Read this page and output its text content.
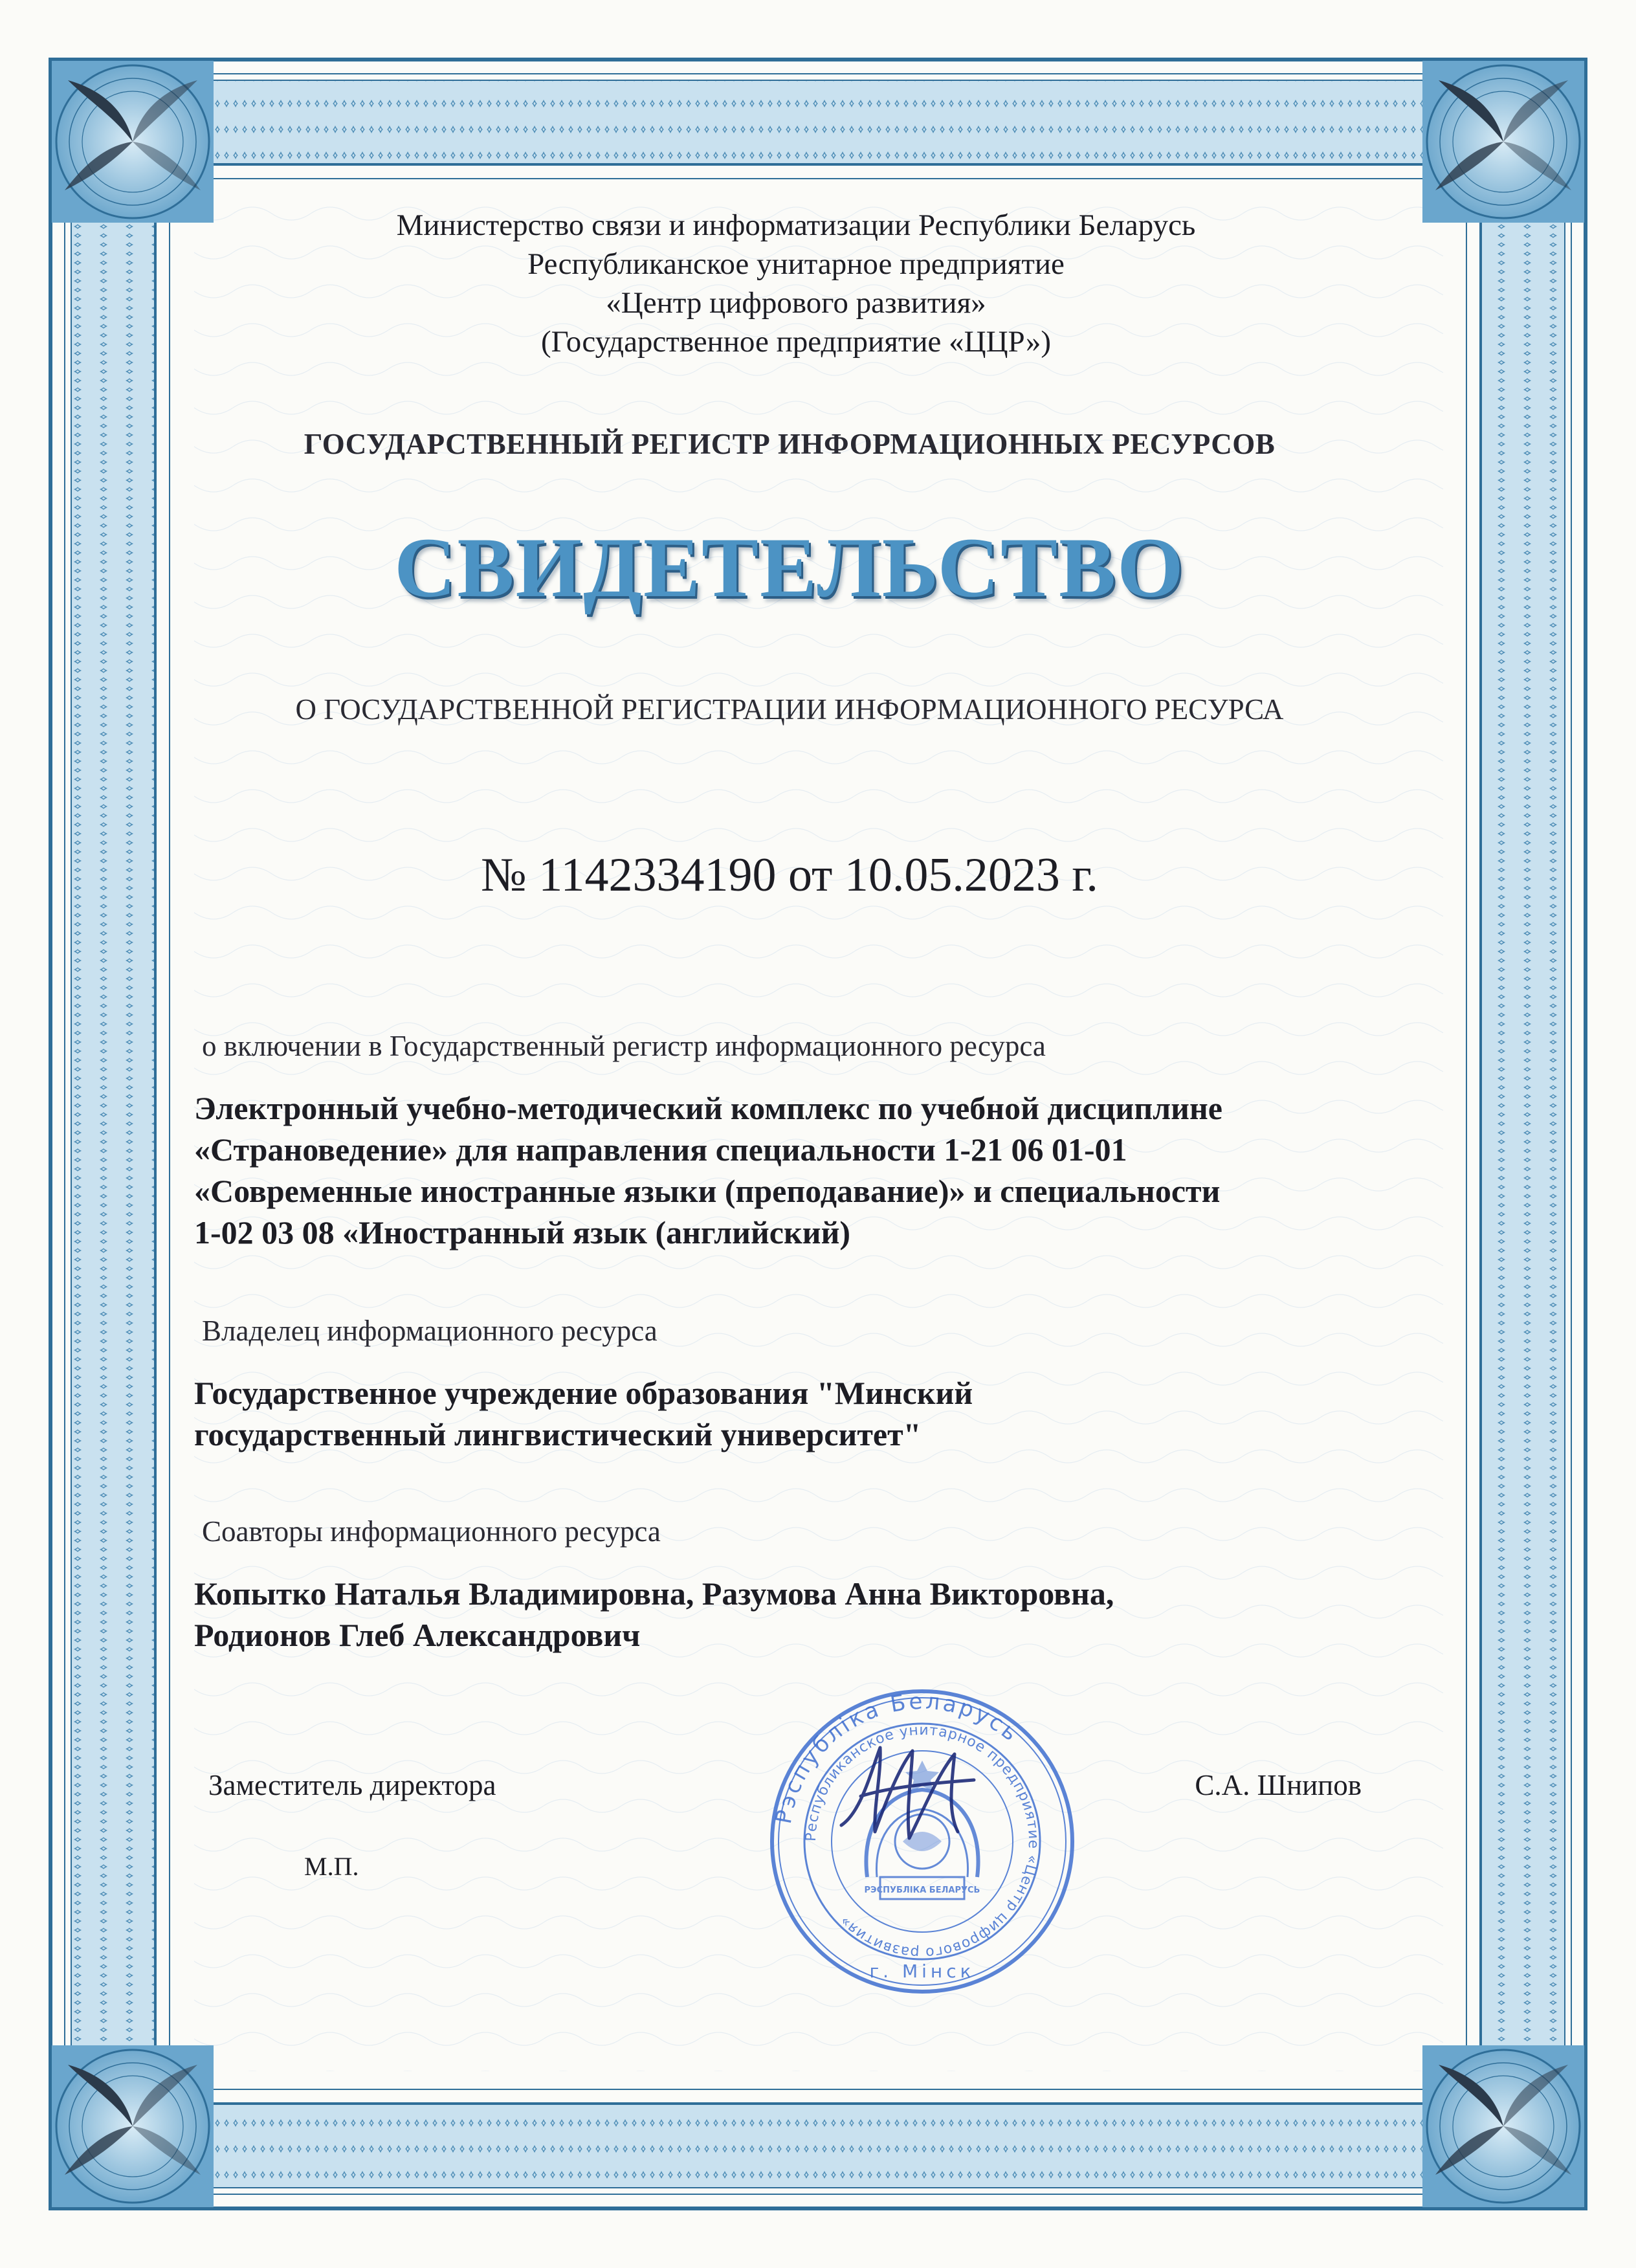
Министерство связи и информатизации Республики Беларусь
Республиканское унитарное предприятие
«Центр цифрового развития»
(Государственное предприятие «ЦЦР»)
ГОСУДАРСТВЕННЫЙ РЕГИСТР ИНФОРМАЦИОННЫХ РЕСУРСОВ
СВИДЕТЕЛЬСТВО
О ГОСУДАРСТВЕННОЙ РЕГИСТРАЦИИ ИНФОРМАЦИОННОГО РЕСУРСА
№ 1142334190 от 10.05.2023 г.
о включении в Государственный регистр информационного ресурса
Электронный учебно-методический комплекс по учебной дисциплине
«Страноведение» для направления специальности 1-21 06 01-01
«Современные иностранные языки (преподавание)» и специальности
1-02 03 08 «Иностранный язык (английский)
Владелец информационного ресурса
Государственное учреждение образования "Минский
государственный лингвистический университет"
Соавторы информационного ресурса
Копытко Наталья Владимировна, Разумова Анна Викторовна,
Родионов Глеб Александрович
Заместитель директора	С.А. Шнипов
М.П.
Рэспубліка Беларусь
Республиканское унитарное предприятие «Центр цифрового развития»
г. Мінск
РЭСПУБЛІКА БЕЛАРУСЬ
